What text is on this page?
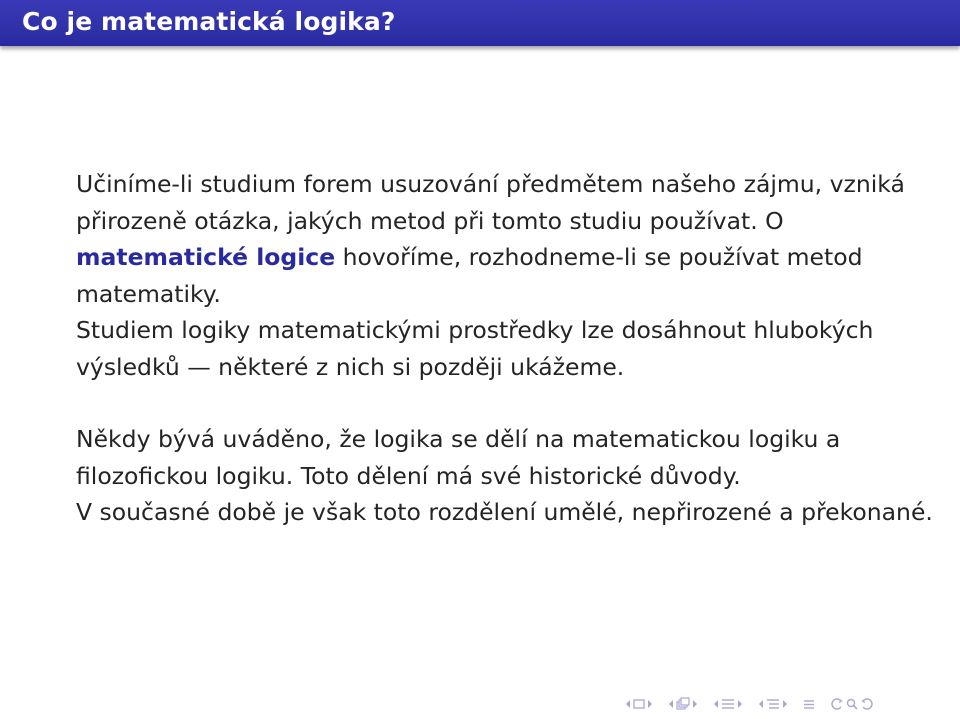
Co je matematická logika?

Učiníme-li studium forem usuzování předmětem našeho zájmu, vzniká přirozeně otázka, jakých metod při tomto studiu používat. O matematické logice hovoříme, rozhodneme-li se používat metod matematiky.
Studiem logiky matematickými prostředky lze dosáhnout hlubokých výsledků — některé z nich si později ukážeme.

Někdy bývá uváděno, že logika se dělí na matematickou logiku a filozofickou logiku. Toto dělení má své historické důvody.
V současné době je však toto rozdělení umělé, nepřirozené a překonané.
